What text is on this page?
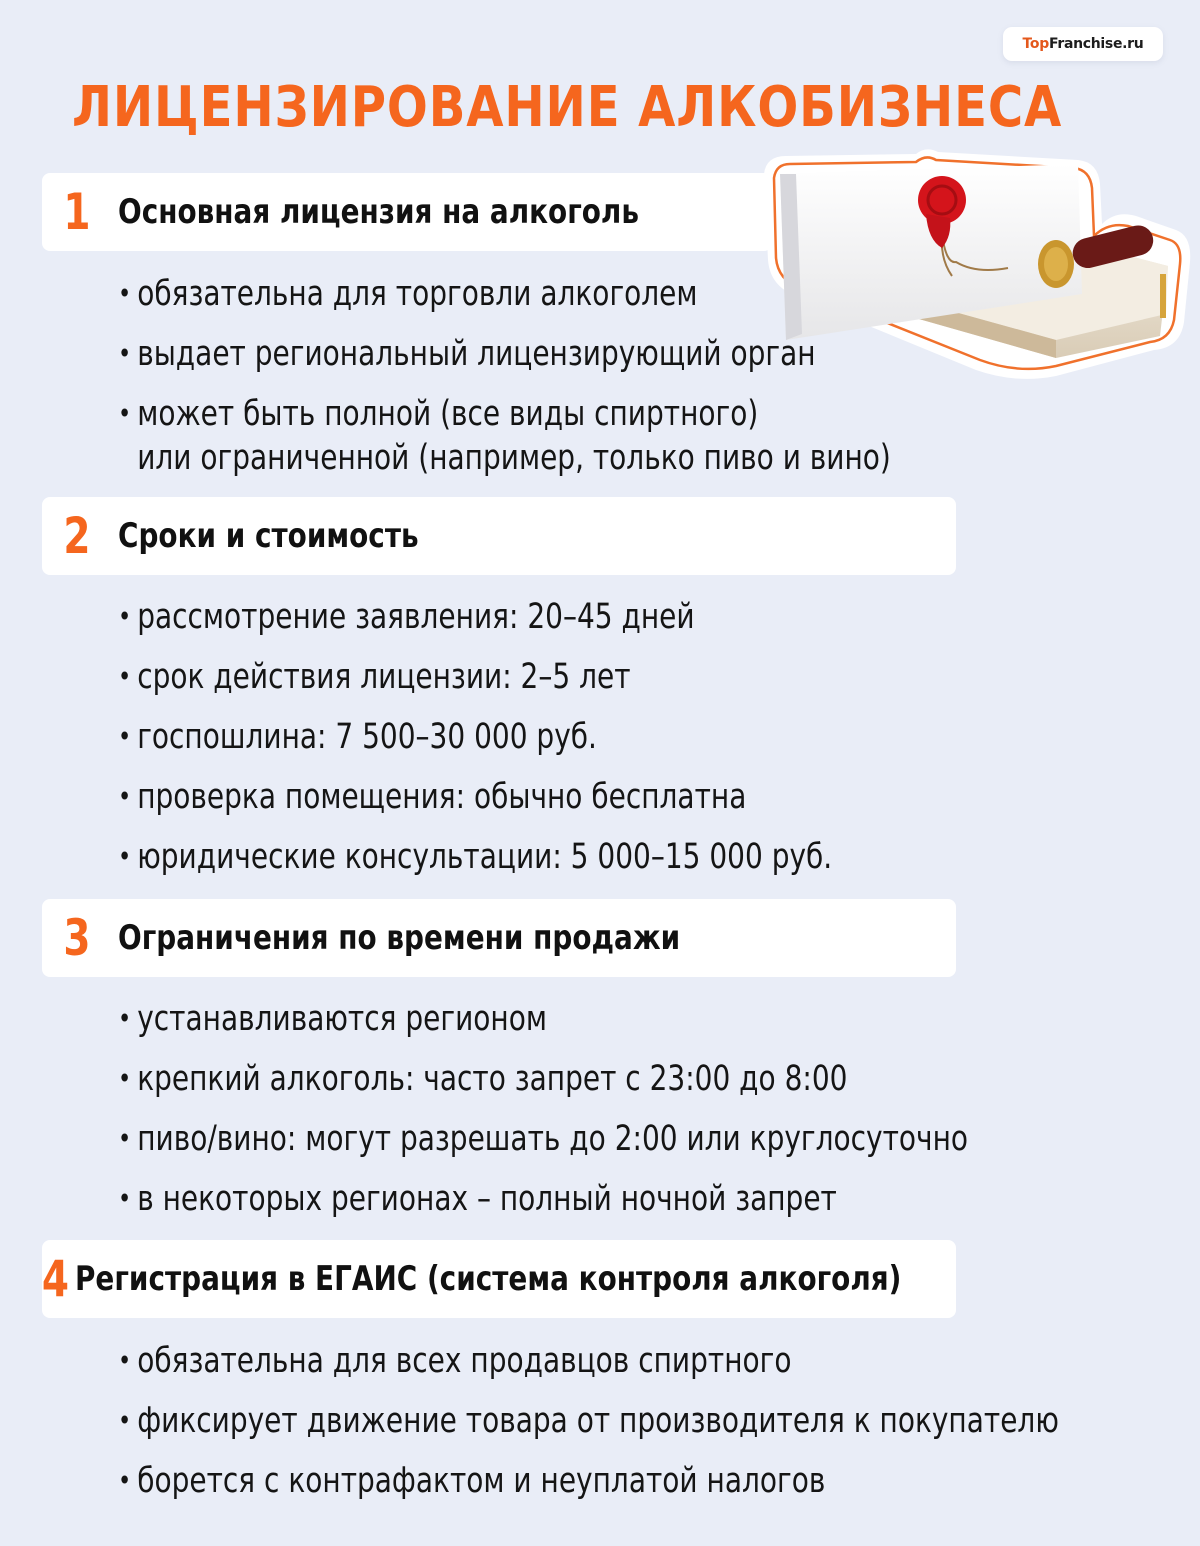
Top Franchise.ru
ЛИЦЕНЗИРОВАНИЕ АЛКОБИЗНЕСА
1 Основная лицензия на алкоголь
• обязательна для торговли алкоголем
• выдает региональный лицензирующий орган
• может быть полной (все виды спиртного)
или ограниченной (например, только пиво и вино)
2 Сроки и стоимость
• рассмотрение заявления: 20–45 дней
• срок действия лицензии: 2–5 лет
• госпошлина: 7 500–30 000 руб.
• проверка помещения: обычно бесплатна
• юридические консультации: 5 000–15 000 руб.
3 Ограничения по времени продажи
• устанавливаются регионом
• крепкий алкоголь: часто запрет с 23:00 до 8:00
• пиво/вино: могут разрешать до 2:00 или круглосуточно
• в некоторых регионах – полный ночной запрет
4 Регистрация в ЕГАИС (система контроля алкоголя)
• обязательна для всех продавцов спиртного
• фиксирует движение товара от производителя к покупателю
• борется с контрафактом и неуплатой налогов
